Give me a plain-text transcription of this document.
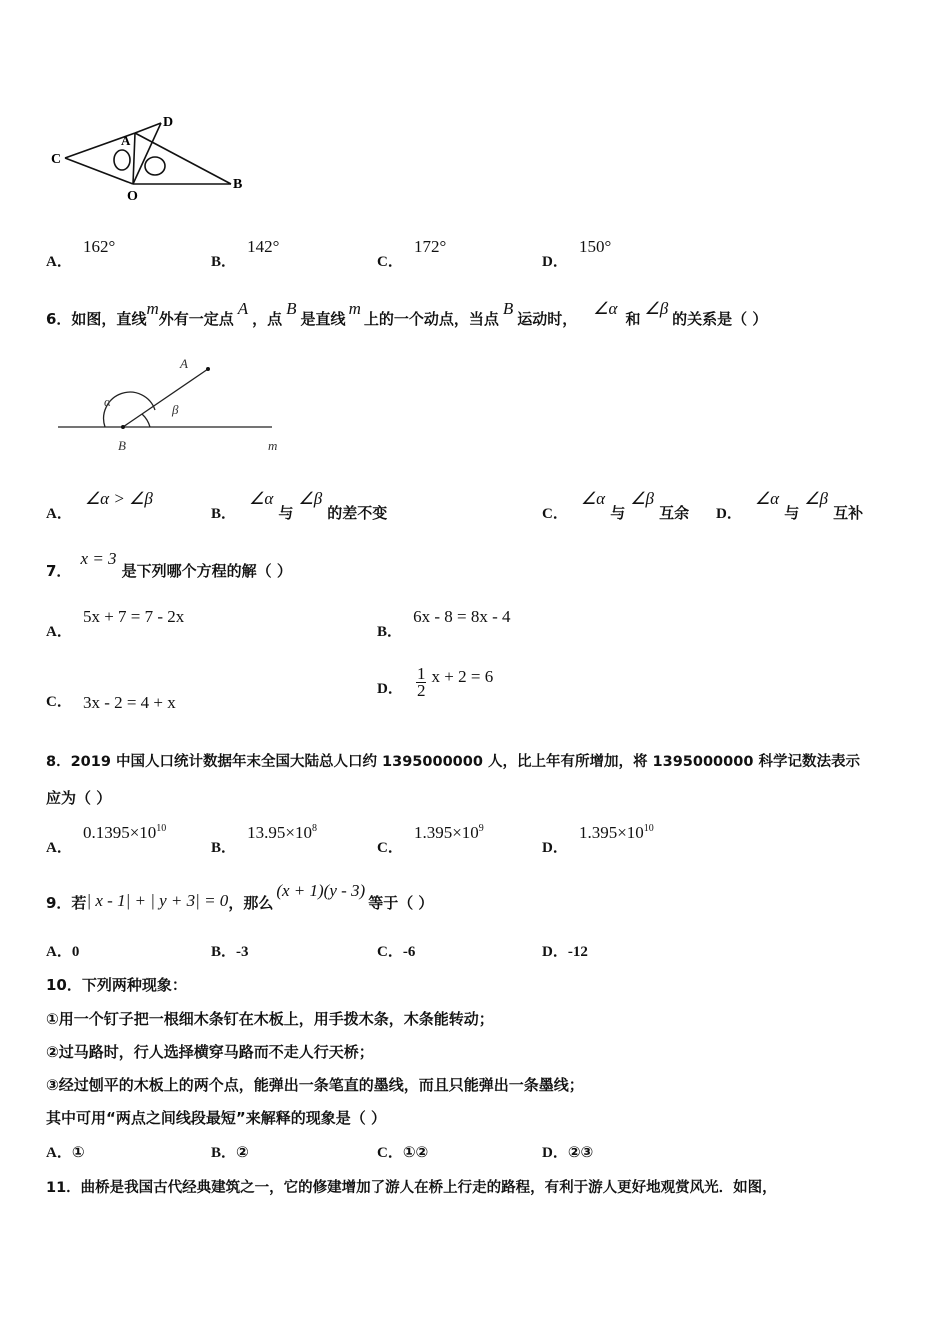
C
A
D
O
B
A． 162°
B． 142°
C． 172°
D． 150°
6．如图，直线m外有一定点A，点B是直线m上的一个动点，当点B运动时，∠α和∠β的关系是（ ）
A
α
β
B	m
A． ∠α > ∠β
B． ∠α 与 ∠β 的差不变	C． ∠α 与 ∠β 互余 D． ∠α 与 ∠β 互补
7． x = 3 是下列哪个方程的解（ ）
A． 5x + 7 = 7 - 2x
B． 6x - 8 = 8x - 4
C． 3x - 2 = 4 + x
D． $\frac{1}{2}$ x + 2 = 6
8．2019 中国人口统计数据年末全国大陆总人口约 1395000000 人，比上年有所增加，将 1395000000 科学记数法表示
应为（ ）
A． $0.1395\times 10^{10}$
B． $13.95\times 10^8$
C． $1.395\times 10^9$
D． $1.395\times 10^{10}$
9．若| x - 1| + | y + 3| = 0，那么(x + 1)(y - 3)等于（ ）
A．0	B．-3	C．-6	D．-12
10．下列两种现象：
①用一个钉子把一根细木条钉在木板上，用手拨木条，木条能转动；
②过马路时，行人选择横穿马路而不走人行天桥；
③经过刨平的木板上的两个点，能弹出一条笔直的墨线，而且只能弹出一条墨线；
其中可用“两点之间线段最短”来解释的现象是（ ）
A．①	B．②	C．①②	D．②③
11．曲桥是我国古代经典建筑之一，它的修建增加了游人在桥上行走的路程，有利于游人更好地观赏风光．如图，
